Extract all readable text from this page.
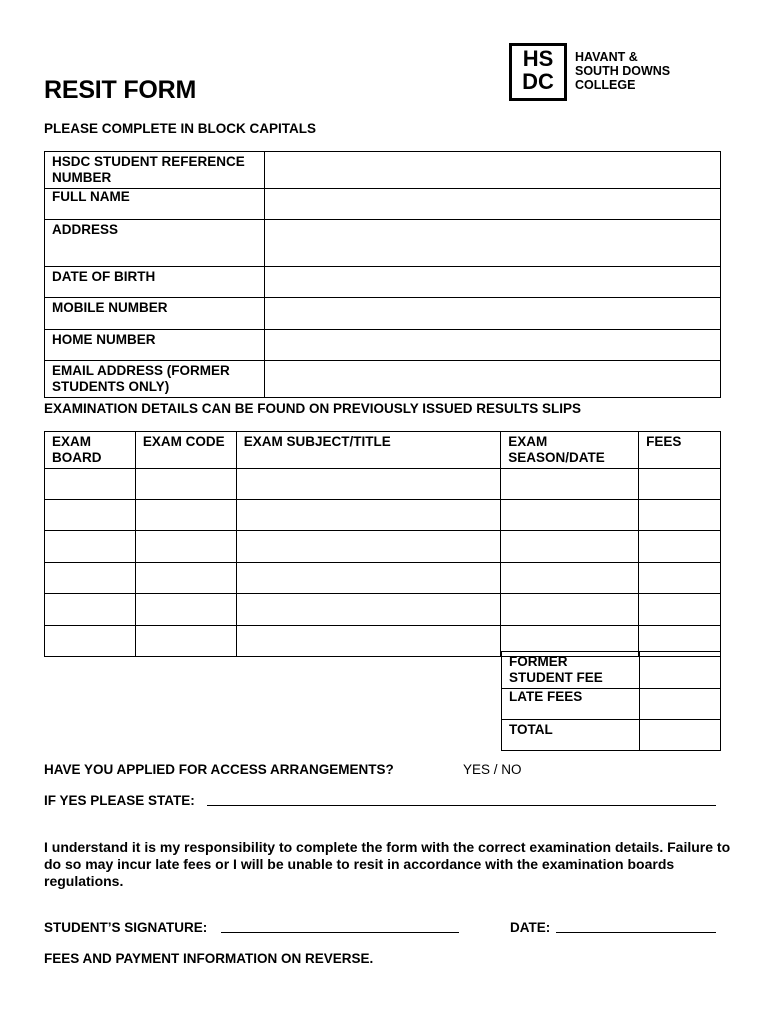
RESIT FORM
HS
DC
HAVANT &
SOUTH DOWNS
COLLEGE
PLEASE COMPLETE IN BLOCK CAPITALS
HSDC STUDENT REFERENCE NUMBER	
FULL NAME	
ADDRESS	
DATE OF BIRTH	
MOBILE NUMBER	
HOME NUMBER	
EMAIL ADDRESS (FORMER STUDENTS ONLY)	
EXAMINATION DETAILS CAN BE FOUND ON PREVIOUSLY ISSUED RESULTS SLIPS
EXAM BOARD	EXAM CODE	EXAM SUBJECT/TITLE	EXAM SEASON/DATE	FEES

FORMER STUDENT FEE	
LATE FEES	
TOTAL	
HAVE YOU APPLIED FOR ACCESS ARRANGEMENTS?	YES / NO
IF YES PLEASE STATE:
I understand it is my responsibility to complete the form with the correct examination details. Failure to do so may incur late fees or I will be unable to resit in accordance with the examination boards regulations.
STUDENT’S SIGNATURE:	DATE:
FEES AND PAYMENT INFORMATION ON REVERSE.
